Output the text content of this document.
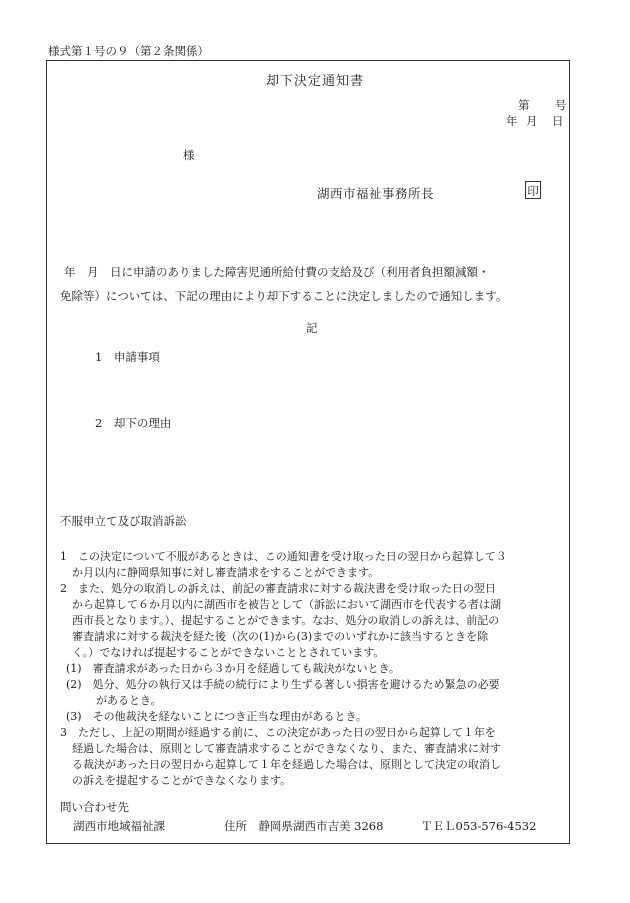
様式第１号の９（第２条関係）
却下決定通知書
第 号
年 月 日
様
湖西市福祉事務所長	印
年　月　日に申請のありました障害児通所給付費の支給及び（利用者負担額減額・
免除等）については、下記の理由により却下することに決定しましたので通知します。
記
1　 申請事項
2　 却下の理由
不服申立て及び取消訴訟
1　この決定について不服があるときは、この通知書を受け取った日の翌日から起算して３
か月以内に静岡県知事に対し審査請求をすることができます。
2　また、処分の取消しの訴えは、前記の審査請求に対する裁決書を受け取った日の翌日
から起算して６か月以内に湖西市を被告として（訴訟において湖西市を代表する者は湖
西市長となります。）、提起することができます。なお、処分の取消しの訴えは、前記の
審査請求に対する裁決を経た後（次の(1)から(3)までのいずれかに該当するときを除
く。）でなければ提起することができないこととされています。
(1)　審査請求があった日から３か月を経過しても裁決がないとき。
(2)　処分、処分の執行又は手続の続行により生ずる著しい損害を避けるため緊急の必要
があるとき。
(3)　その他裁決を経ないことにつき正当な理由があるとき。
3　ただし、上記の期間が経過する前に、この決定があった日の翌日から起算して１年を
経過した場合は、原則として審査請求することができなくなり、また、審査請求に対す
る裁決があった日の翌日から起算して１年を経過した場合は、原則として決定の取消し
の訴えを提起することができなくなります。
問い合わせ先
湖西市地域福祉課	住所　静岡県湖西市吉美 3268	ＴＥＬ053-576-4532
